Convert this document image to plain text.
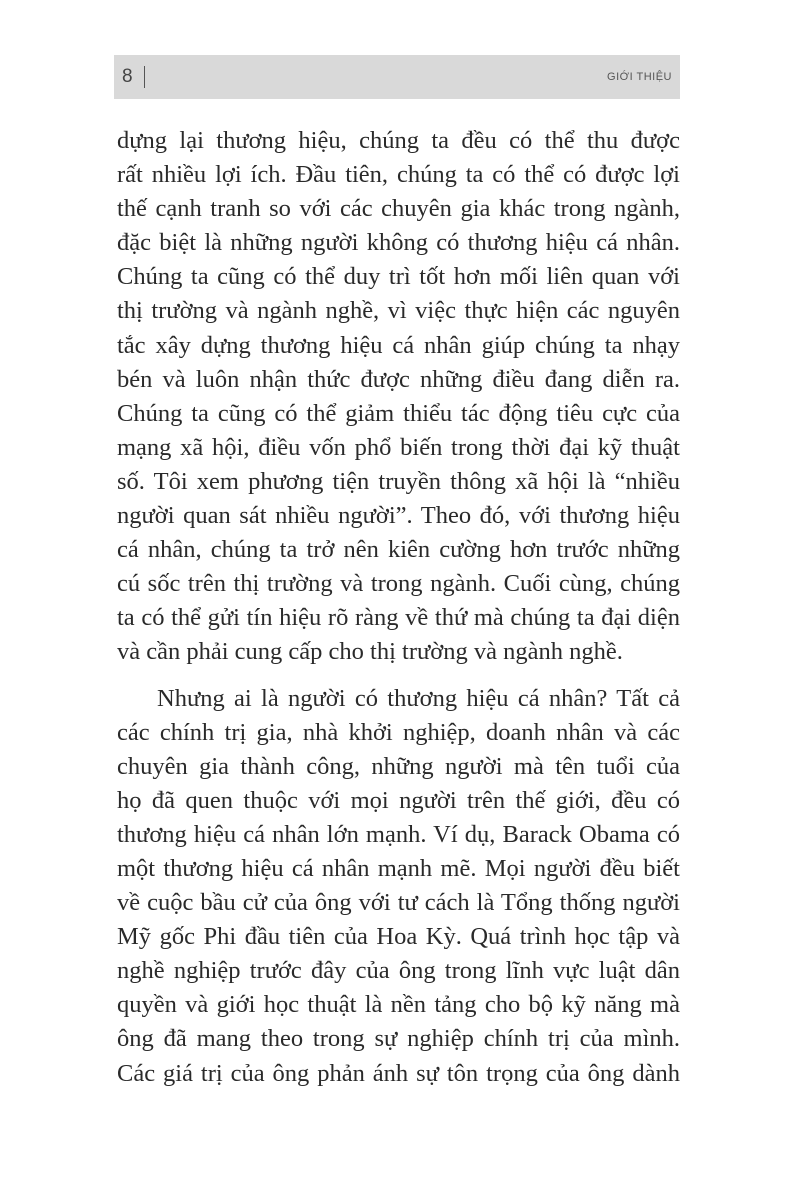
8	GIỚI THIỆU
dựng lại thương hiệu, chúng ta đều có thể thu được
rất nhiều lợi ích. Đầu tiên, chúng ta có thể có được lợi
thế cạnh tranh so với các chuyên gia khác trong ngành,
đặc biệt là những người không có thương hiệu cá nhân.
Chúng ta cũng có thể duy trì tốt hơn mối liên quan với
thị trường và ngành nghề, vì việc thực hiện các nguyên
tắc xây dựng thương hiệu cá nhân giúp chúng ta nhạy
bén và luôn nhận thức được những điều đang diễn ra.
Chúng ta cũng có thể giảm thiểu tác động tiêu cực của
mạng xã hội, điều vốn phổ biến trong thời đại kỹ thuật
số. Tôi xem phương tiện truyền thông xã hội là “nhiều
người quan sát nhiều người”. Theo đó, với thương hiệu
cá nhân, chúng ta trở nên kiên cường hơn trước những
cú sốc trên thị trường và trong ngành. Cuối cùng, chúng
ta có thể gửi tín hiệu rõ ràng về thứ mà chúng ta đại diện
và cần phải cung cấp cho thị trường và ngành nghề.
Nhưng ai là người có thương hiệu cá nhân? Tất cả
các chính trị gia, nhà khởi nghiệp, doanh nhân và các
chuyên gia thành công, những người mà tên tuổi của
họ đã quen thuộc với mọi người trên thế giới, đều có
thương hiệu cá nhân lớn mạnh. Ví dụ, Barack Obama có
một thương hiệu cá nhân mạnh mẽ. Mọi người đều biết
về cuộc bầu cử của ông với tư cách là Tổng thống người
Mỹ gốc Phi đầu tiên của Hoa Kỳ. Quá trình học tập và
nghề nghiệp trước đây của ông trong lĩnh vực luật dân
quyền và giới học thuật là nền tảng cho bộ kỹ năng mà
ông đã mang theo trong sự nghiệp chính trị của mình.
Các giá trị của ông phản ánh sự tôn trọng của ông dành
